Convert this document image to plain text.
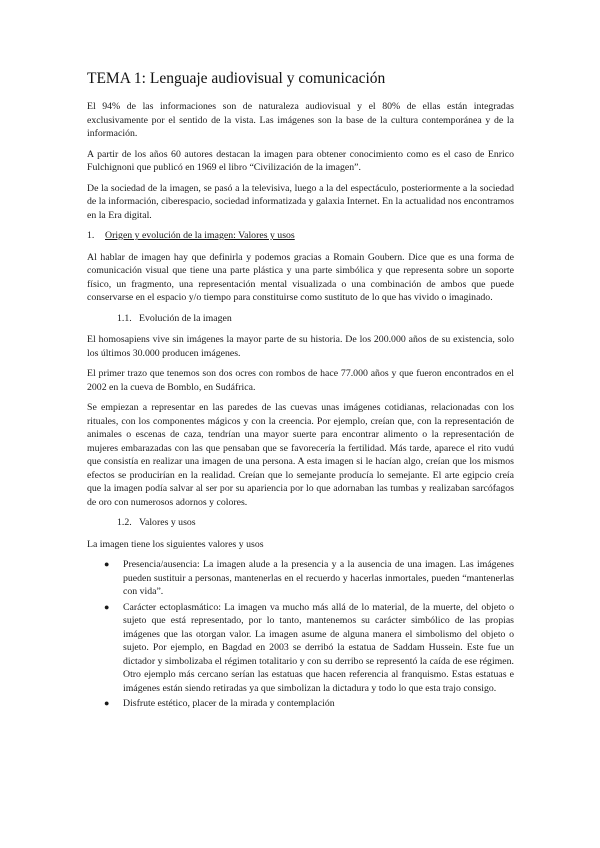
TEMA 1: Lenguaje audiovisual y comunicación

El 94% de las informaciones son de naturaleza audiovisual y el 80% de ellas están integradas exclusivamente por el sentido de la vista. Las imágenes son la base de la cultura contemporánea y de la información.

A partir de los años 60 autores destacan la imagen para obtener conocimiento como es el caso de Enrico Fulchignoni que publicó en 1969 el libro “Civilización de la imagen”.

De la sociedad de la imagen, se pasó a la televisiva, luego a la del espectáculo, posteriormente a la sociedad de la información, ciberespacio, sociedad informatizada y galaxia Internet. En la actualidad nos encontramos en la Era digital.

1.	Origen y evolución de la imagen: Valores y usos

Al hablar de imagen hay que definirla y podemos gracias a Romain Goubern. Dice que es una forma de comunicación visual que tiene una parte plástica y una parte simbólica y que representa sobre un soporte físico, un fragmento, una representación mental visualizada o una combinación de ambos que puede conservarse en el espacio y/o tiempo para constituirse como sustituto de lo que has vivido o imaginado.

1.1. Evolución de la imagen

El homosapiens vive sin imágenes la mayor parte de su historia. De los 200.000 años de su existencia, solo los últimos 30.000 producen imágenes.

El primer trazo que tenemos son dos ocres con rombos de hace 77.000 años y que fueron encontrados en el 2002 en la cueva de Bomblo, en Sudáfrica.

Se empiezan a representar en las paredes de las cuevas unas imágenes cotidianas, relacionadas con los rituales, con los componentes mágicos y con la creencia. Por ejemplo, creían que, con la representación de animales o escenas de caza, tendrían una mayor suerte para encontrar alimento o la representación de mujeres embarazadas con las que pensaban que se favorecería la fertilidad. Más tarde, aparece el rito vudú que consistía en realizar una imagen de una persona. A esta imagen si le hacían algo, creían que los mismos efectos se producirían en la realidad. Creían que lo semejante producía lo semejante. El arte egipcio creía que la imagen podía salvar al ser por su apariencia por lo que adornaban las tumbas y realizaban sarcófagos de oro con numerosos adornos y colores.

1.2. Valores y usos

La imagen tiene los siguientes valores y usos

● Presencia/ausencia: La imagen alude a la presencia y a la ausencia de una imagen. Las imágenes pueden sustituir a personas, mantenerlas en el recuerdo y hacerlas inmortales, pueden “mantenerlas con vida”.
● Carácter ectoplasmático: La imagen va mucho más allá de lo material, de la muerte, del objeto o sujeto que está representado, por lo tanto, mantenemos su carácter simbólico de las propias imágenes que las otorgan valor. La imagen asume de alguna manera el simbolismo del objeto o sujeto. Por ejemplo, en Bagdad en 2003 se derribó la estatua de Saddam Hussein. Este fue un dictador y simbolizaba el régimen totalitario y con su derribo se representó la caída de ese régimen. Otro ejemplo más cercano serían las estatuas que hacen referencia al franquismo. Estas estatuas e imágenes están siendo retiradas ya que simbolizan la dictadura y todo lo que esta trajo consigo.
● Disfrute estético, placer de la mirada y contemplación
